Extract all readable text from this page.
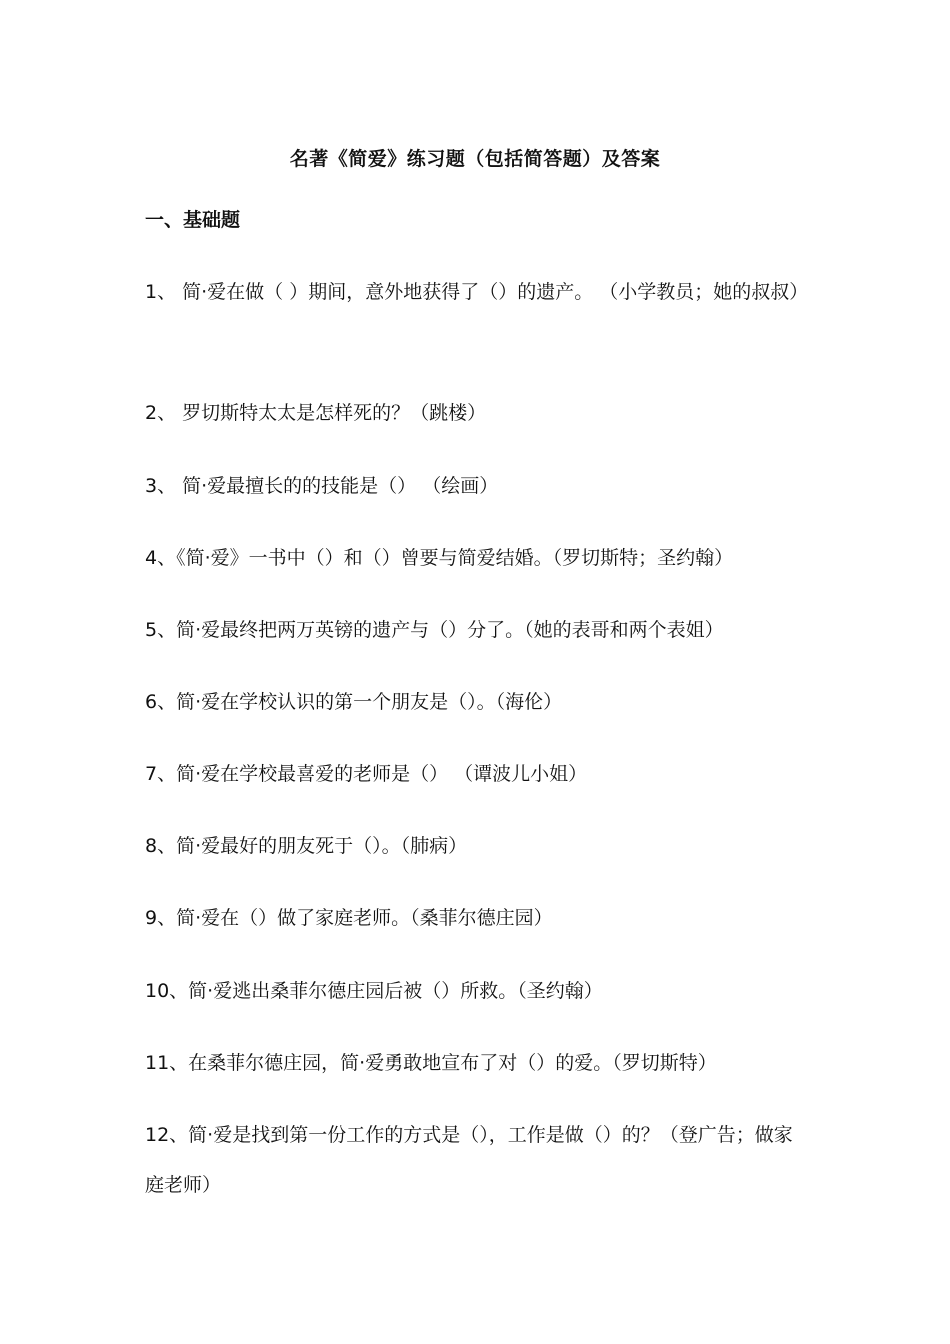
名著《简爱》练习题（包括简答题）及答案
一、基础题

1、 简·爱在做（ ）期间，意外地获得了（）的遗产。 （小学教员；她的叔叔）

2、 罗切斯特太太是怎样死的？（跳楼）

3、 简·爱最擅长的的技能是（） （绘画）

4、《简·爱》一书中（）和（）曾要与简爱结婚。（罗切斯特；圣约翰）

5、简·爱最终把两万英镑的遗产与（）分了。（她的表哥和两个表姐）

6、简·爱在学校认识的第一个朋友是（）。（海伦）

7、简·爱在学校最喜爱的老师是（） （谭波儿小姐）

8、简·爱最好的朋友死于（）。（肺病）

9、简·爱在（）做了家庭老师。（桑菲尔德庄园）

10、简·爱逃出桑菲尔德庄园后被（）所救。（圣约翰）

11、在桑菲尔德庄园，简·爱勇敢地宣布了对（）的爱。（罗切斯特）

12、简·爱是找到第一份工作的方式是（），工作是做（）的？（登广告；做家庭老师）
